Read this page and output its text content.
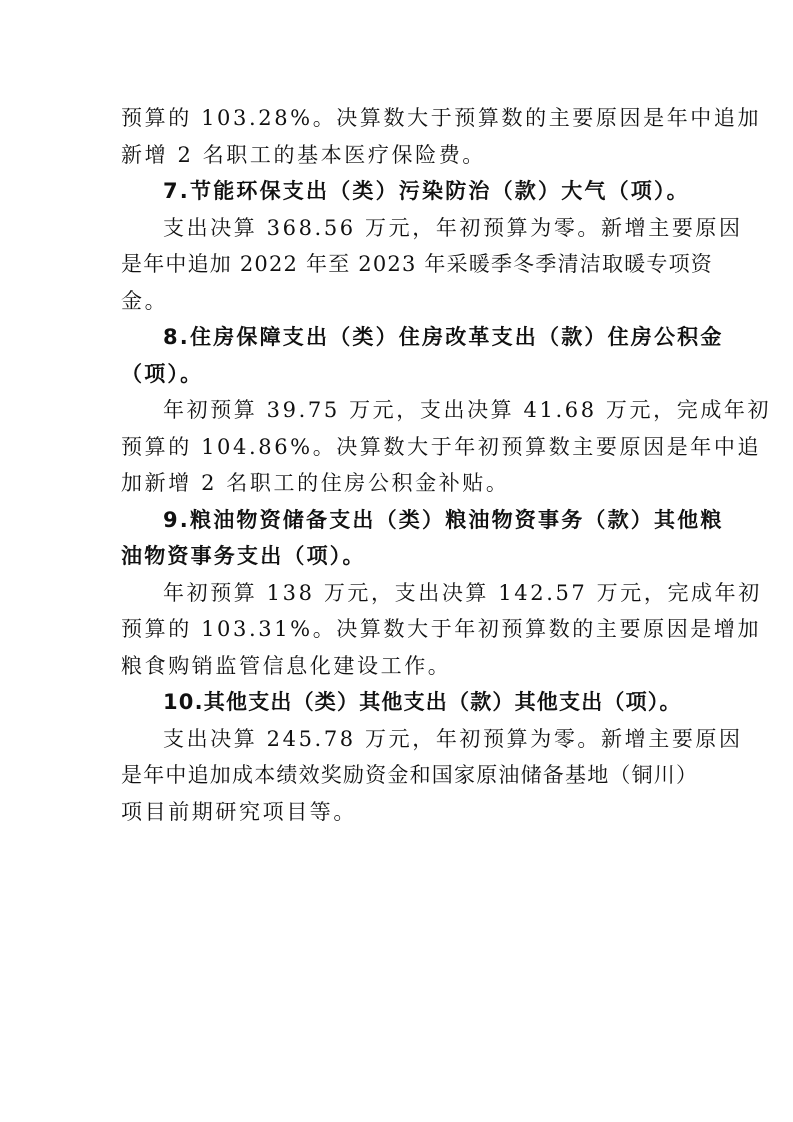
预算的 103.28%。决算数大于预算数的主要原因是年中追加
新增 2 名职工的基本医疗保险费。
7.节能环保支出（类）污染防治（款）大气（项）。
支出决算 368.56 万元，年初预算为零。新增主要原因
是年中追加 2022 年至 2023 年采暖季冬季清洁取暖专项资
金。
8.住房保障支出（类）住房改革支出（款）住房公积金
（项）。
年初预算 39.75 万元，支出决算 41.68 万元，完成年初
预算的 104.86%。决算数大于年初预算数主要原因是年中追
加新增 2 名职工的住房公积金补贴。
9.粮油物资储备支出（类）粮油物资事务（款）其他粮
油物资事务支出（项）。
年初预算 138 万元，支出决算 142.57 万元，完成年初
预算的 103.31%。决算数大于年初预算数的主要原因是增加
粮食购销监管信息化建设工作。
10.其他支出（类）其他支出（款）其他支出（项）。
支出决算 245.78 万元，年初预算为零。新增主要原因
是年中追加成本绩效奖励资金和国家原油储备基地（铜川）
项目前期研究项目等。
